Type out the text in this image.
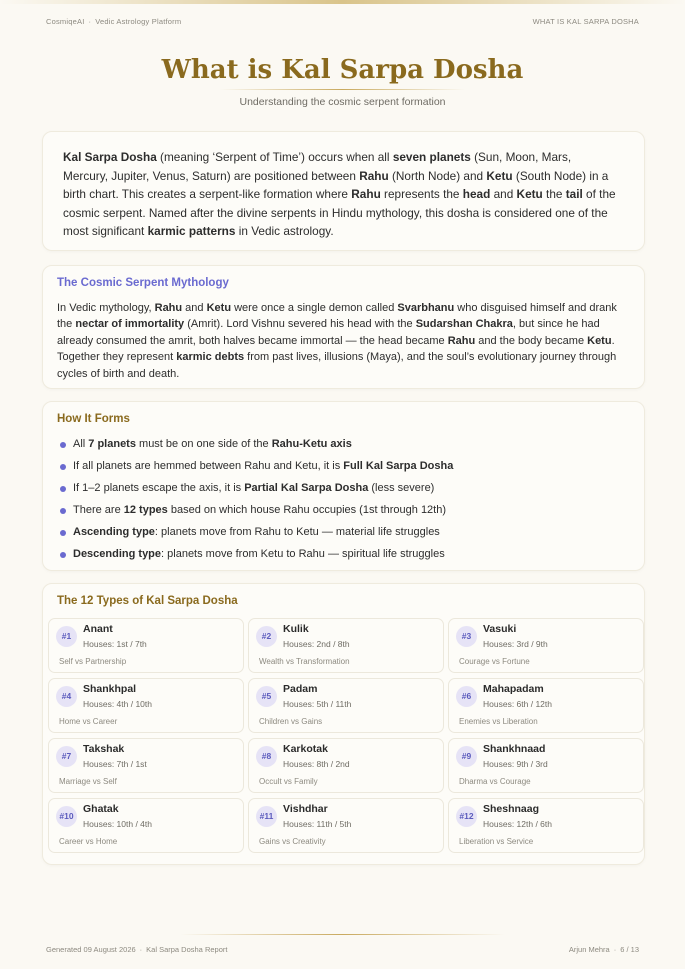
CosmiqeAI · Vedic Astrology Platform	WHAT IS KAL SARPA DOSHA
What is Kal Sarpa Dosha
Understanding the cosmic serpent formation

Kal Sarpa Dosha (meaning ‘Serpent of Time’) occurs when all seven planets (Sun, Moon, Mars, Mercury, Jupiter, Venus, Saturn) are positioned between Rahu (North Node) and Ketu (South Node) in a birth chart. This creates a serpent-like formation where Rahu represents the head and Ketu the tail of the cosmic serpent. Named after the divine serpents in Hindu mythology, this dosha is considered one of the most significant karmic patterns in Vedic astrology.

The Cosmic Serpent Mythology

In Vedic mythology, Rahu and Ketu were once a single demon called Svarbhanu who disguised himself and drank the nectar of immortality (Amrit). Lord Vishnu severed his head with the Sudarshan Chakra, but since he had already consumed the amrit, both halves became immortal — the head became Rahu and the body became Ketu. Together they represent karmic debts from past lives, illusions (Maya), and the soul’s evolutionary journey through cycles of birth and death.

How It Forms
All 7 planets must be on one side of the Rahu-Ketu axis
If all planets are hemmed between Rahu and Ketu, it is Full Kal Sarpa Dosha
If 1–2 planets escape the axis, it is Partial Kal Sarpa Dosha (less severe)
There are 12 types based on which house Rahu occupies (1st through 12th)
Ascending type: planets move from Rahu to Ketu — material life struggles
Descending type: planets move from Ketu to Rahu — spiritual life struggles
The 12 Types of Kal Sarpa Dosha
#1
Anant
Houses: 1st / 7th
Self vs Partnership
#2
Kulik
Houses: 2nd / 8th
Wealth vs Transformation
#3
Vasuki
Houses: 3rd / 9th
Courage vs Fortune
#4
Shankhpal
Houses: 4th / 10th
Home vs Career
#5
Padam
Houses: 5th / 11th
Children vs Gains
#6
Mahapadam
Houses: 6th / 12th
Enemies vs Liberation
#7
Takshak
Houses: 7th / 1st
Marriage vs Self
#8
Karkotak
Houses: 8th / 2nd
Occult vs Family
#9
Shankhnaad
Houses: 9th / 3rd
Dharma vs Courage
#10
Ghatak
Houses: 10th / 4th
Career vs Home
#11
Vishdhar
Houses: 11th / 5th
Gains vs Creativity
#12
Sheshnaag
Houses: 12th / 6th
Liberation vs Service
Generated 09 August 2026 · Kal Sarpa Dosha Report	Arjun Mehra · 6 / 13
